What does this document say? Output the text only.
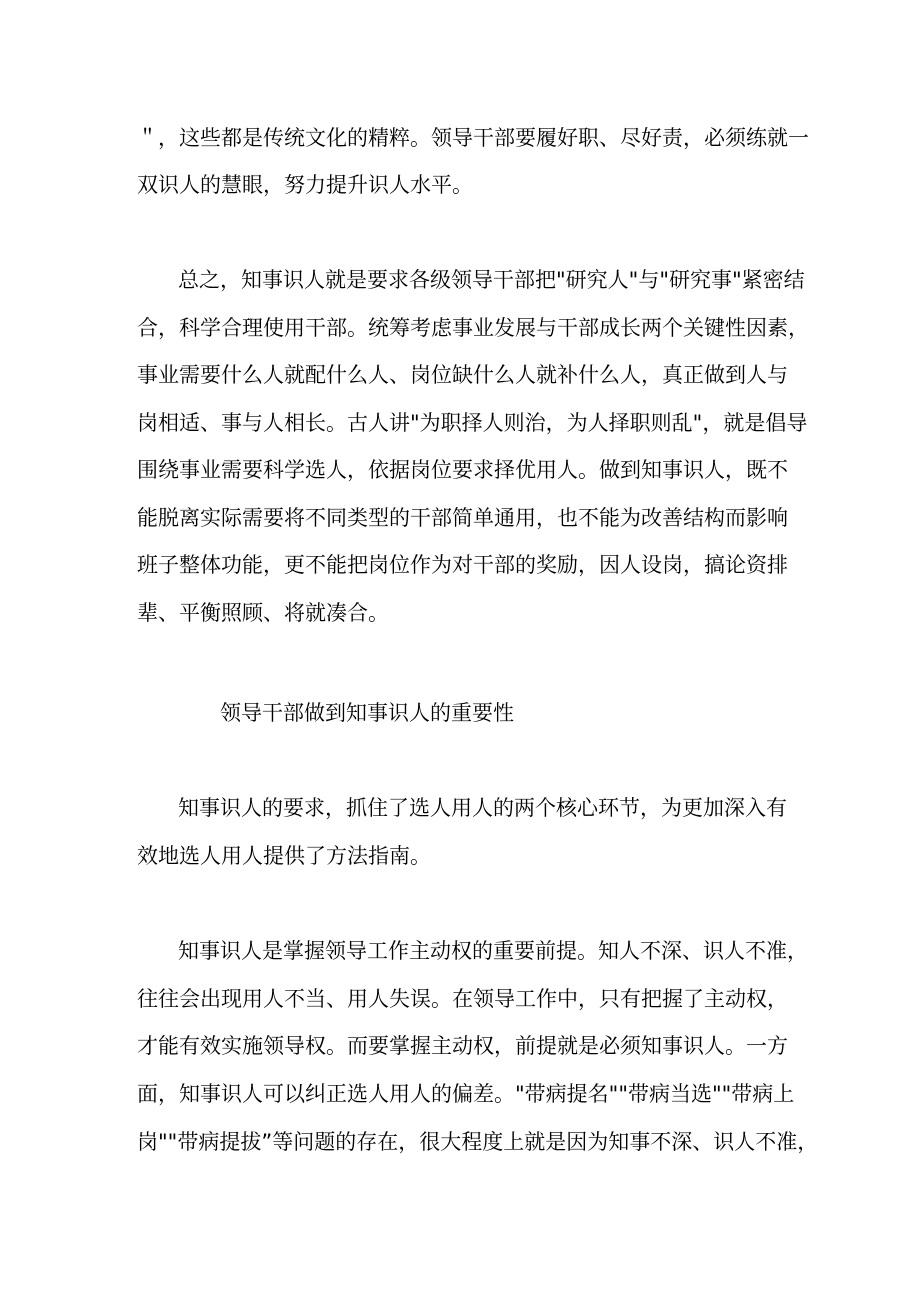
＂，这些都是传统文化的精粹。领导干部要履好职、尽好责，必须练就一
双识人的慧眼，努力提升识人水平。
总之，知事识人就是要求各级领导干部把"研究人"与"研究事"紧密结
合，科学合理使用干部。统筹考虑事业发展与干部成长两个关键性因素，
事业需要什么人就配什么人、岗位缺什么人就补什么人，真正做到人与
岗相适、事与人相长。古人讲"为职择人则治，为人择职则乱"，就是倡导
围绕事业需要科学选人，依据岗位要求择优用人。做到知事识人，既不
能脱离实际需要将不同类型的干部简单通用，也不能为改善结构而影响
班子整体功能，更不能把岗位作为对干部的奖励，因人设岗，搞论资排
辈、平衡照顾、将就凑合。
领导干部做到知事识人的重要性
知事识人的要求，抓住了选人用人的两个核心环节，为更加深入有
效地选人用人提供了方法指南。
知事识人是掌握领导工作主动权的重要前提。知人不深、识人不准，
往往会出现用人不当、用人失误。在领导工作中，只有把握了主动权，
才能有效实施领导权。而要掌握主动权，前提就是必须知事识人。一方
面，知事识人可以纠正选人用人的偏差。"带病提名""带病当选""带病上
岗""带病提拔”等问题的存在，很大程度上就是因为知事不深、识人不准，
